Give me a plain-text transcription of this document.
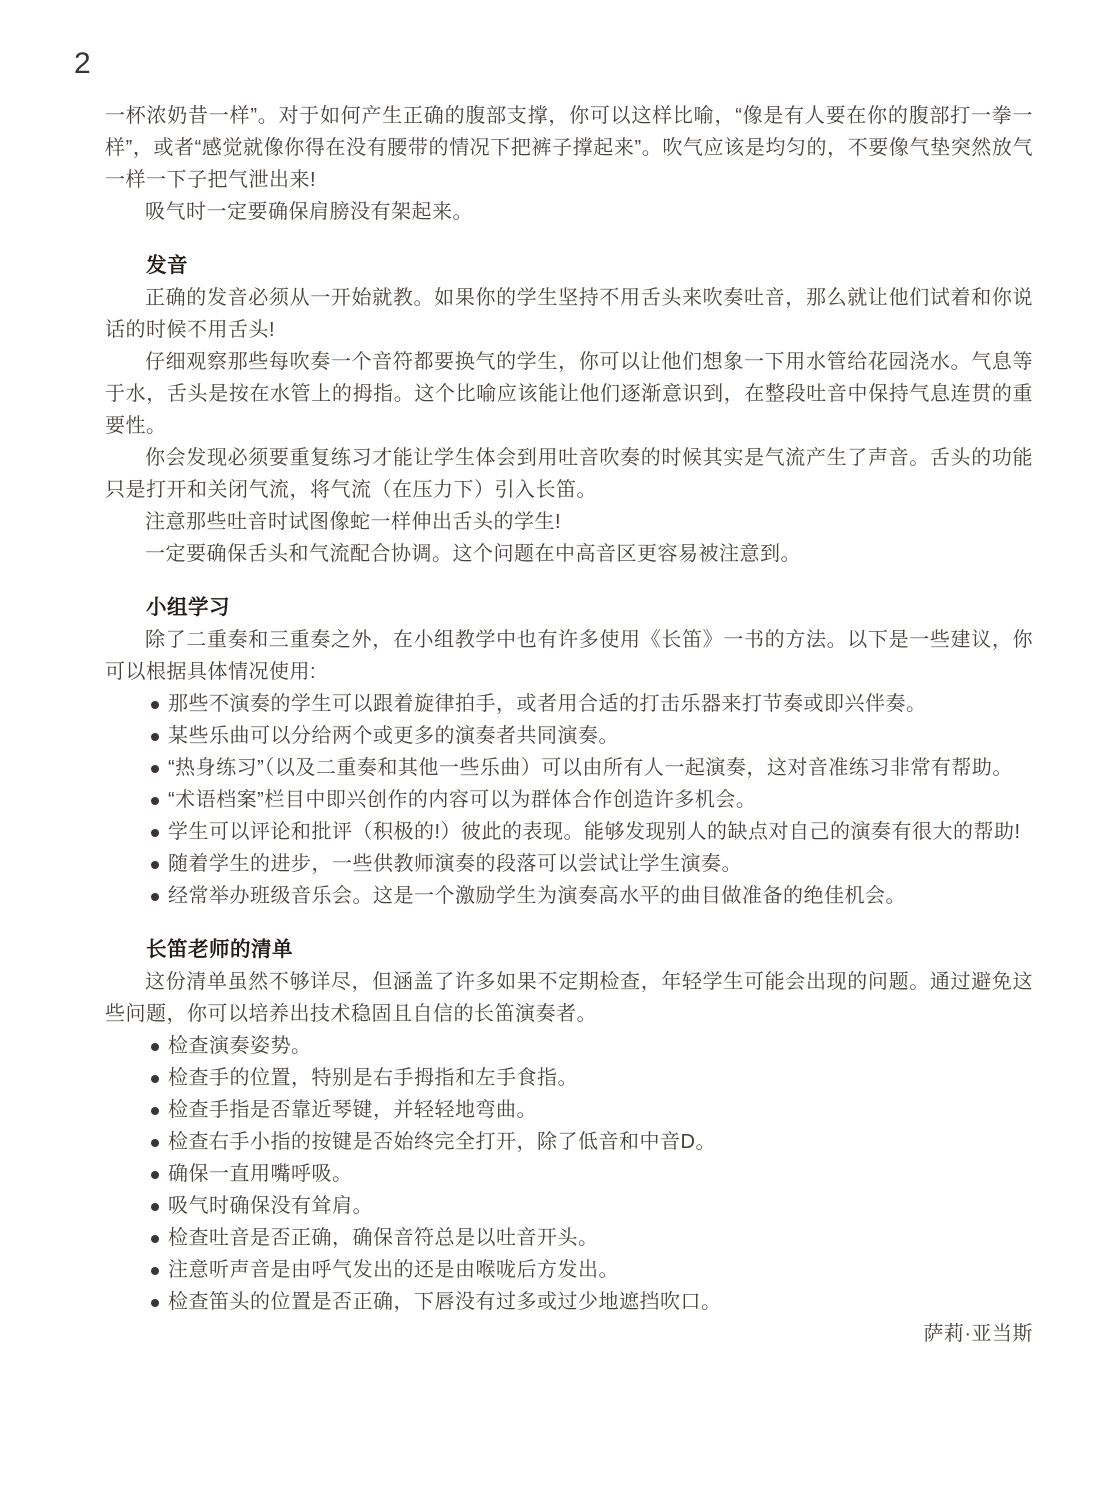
2

一杯浓奶昔一样”。对于如何产生正确的腹部支撑，你可以这样比喻，“像是有人要在你的腹部打一拳一样”，或者“感觉就像你得在没有腰带的情况下把裤子撑起来”。吹气应该是均匀的，不要像气垫突然放气一样一下子把气泄出来!

吸气时一定要确保肩膀没有架起来。

发音

正确的发音必须从一开始就教。如果你的学生坚持不用舌头来吹奏吐音，那么就让他们试着和你说话的时候不用舌头!

仔细观察那些每吹奏一个音符都要换气的学生，你可以让他们想象一下用水管给花园浇水。气息等于水，舌头是按在水管上的拇指。这个比喻应该能让他们逐渐意识到，在整段吐音中保持气息连贯的重要性。

你会发现必须要重复练习才能让学生体会到用吐音吹奏的时候其实是气流产生了声音。舌头的功能只是打开和关闭气流，将气流（在压力下）引入长笛。

注意那些吐音时试图像蛇一样伸出舌头的学生!

一定要确保舌头和气流配合协调。这个问题在中高音区更容易被注意到。

小组学习

除了二重奏和三重奏之外，在小组教学中也有许多使用《长笛》一书的方法。以下是一些建议，你可以根据具体情况使用:

那些不演奏的学生可以跟着旋律拍手，或者用合适的打击乐器来打节奏或即兴伴奏。
某些乐曲可以分给两个或更多的演奏者共同演奏。
“热身练习”（以及二重奏和其他一些乐曲）可以由所有人一起演奏，这对音准练习非常有帮助。
“术语档案”栏目中即兴创作的内容可以为群体合作创造许多机会。
学生可以评论和批评（积极的!）彼此的表现。能够发现别人的缺点对自己的演奏有很大的帮助!
随着学生的进步，一些供教师演奏的段落可以尝试让学生演奏。
经常举办班级音乐会。这是一个激励学生为演奏高水平的曲目做准备的绝佳机会。
长笛老师的清单

这份清单虽然不够详尽，但涵盖了许多如果不定期检查，年轻学生可能会出现的问题。通过避免这些问题，你可以培养出技术稳固且自信的长笛演奏者。

检查演奏姿势。
检查手的位置，特别是右手拇指和左手食指。
检查手指是否靠近琴键，并轻轻地弯曲。
检查右手小指的按键是否始终完全打开，除了低音和中音D。
确保一直用嘴呼吸。
吸气时确保没有耸肩。
检查吐音是否正确，确保音符总是以吐音开头。
注意听声音是由呼气发出的还是由喉咙后方发出。
检查笛头的位置是否正确，下唇没有过多或过少地遮挡吹口。

萨莉·亚当斯
